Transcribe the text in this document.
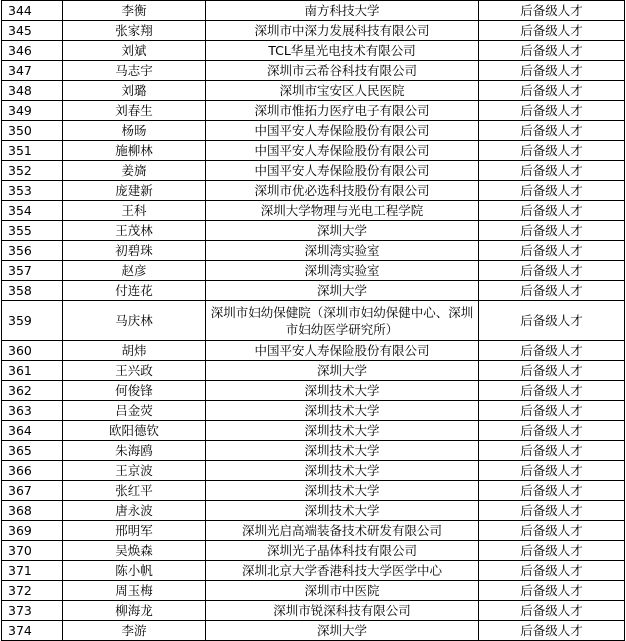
344	李衡	南方科技大学	后备级人才
345	张家翔	深圳市中深力发展科技有限公司	后备级人才
346	刘斌	TCL华星光电技术有限公司	后备级人才
347	马志宇	深圳市云希谷科技有限公司	后备级人才
348	刘璐	深圳市宝安区人民医院	后备级人才
349	刘春生	深圳市惟拓力医疗电子有限公司	后备级人才
350	杨旸	中国平安人寿保险股份有限公司	后备级人才
351	施柳林	中国平安人寿保险股份有限公司	后备级人才
352	姜旖	中国平安人寿保险股份有限公司	后备级人才
353	庞建新	深圳市优必选科技股份有限公司	后备级人才
354	王科	深圳大学物理与光电工程学院	后备级人才
355	王茂林	深圳大学	后备级人才
356	初碧珠	深圳湾实验室	后备级人才
357	赵彦	深圳湾实验室	后备级人才
358	付连花	深圳大学	后备级人才
359	马庆林	深圳市妇幼保健院（深圳市妇幼保健中心、深圳市妇幼医学研究所）	后备级人才
360	胡炜	中国平安人寿保险股份有限公司	后备级人才
361	王兴政	深圳大学	后备级人才
362	何俊锋	深圳技术大学	后备级人才
363	吕金荧	深圳技术大学	后备级人才
364	欧阳德钦	深圳技术大学	后备级人才
365	朱海鸥	深圳技术大学	后备级人才
366	王京波	深圳技术大学	后备级人才
367	张红平	深圳技术大学	后备级人才
368	唐永波	深圳技术大学	后备级人才
369	邢明军	深圳光启高端装备技术研发有限公司	后备级人才
370	吴焕森	深圳光子晶体科技有限公司	后备级人才
371	陈小帆	深圳北京大学香港科技大学医学中心	后备级人才
372	周玉梅	深圳市中医院	后备级人才
373	柳海龙	深圳市锐深科技有限公司	后备级人才
374	李游	深圳大学	后备级人才
